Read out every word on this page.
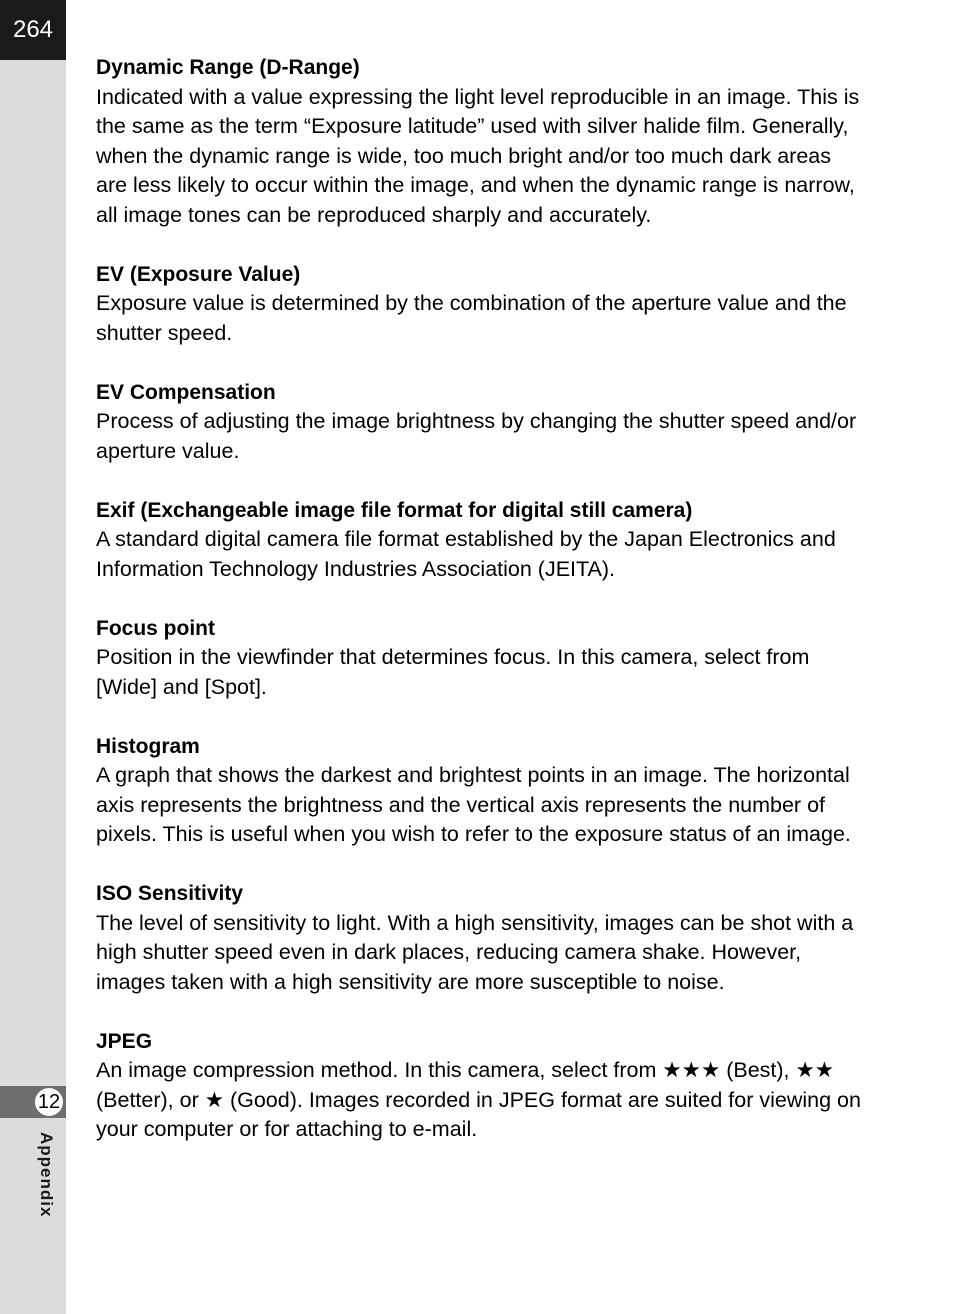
264
12
Appendix
Dynamic Range (D-Range)
Indicated with a value expressing the light level reproducible in an image. This is the same as the term “Exposure latitude” used with silver halide film. Generally, when the dynamic range is wide, too much bright and/or too much dark areas are less likely to occur within the image, and when the dynamic range is narrow, all image tones can be reproduced sharply and accurately.
EV (Exposure Value)
Exposure value is determined by the combination of the aperture value and the shutter speed.
EV Compensation
Process of adjusting the image brightness by changing the shutter speed and/or aperture value.
Exif (Exchangeable image file format for digital still camera)
A standard digital camera file format established by the Japan Electronics and Information Technology Industries Association (JEITA).
Focus point
Position in the viewfinder that determines focus. In this camera, select from [Wide] and [Spot].
Histogram
A graph that shows the darkest and brightest points in an image. The horizontal axis represents the brightness and the vertical axis represents the number of pixels. This is useful when you wish to refer to the exposure status of an image.
ISO Sensitivity
The level of sensitivity to light. With a high sensitivity, images can be shot with a high shutter speed even in dark places, reducing camera shake. However, images taken with a high sensitivity are more susceptible to noise.
JPEG
An image compression method. In this camera, select from ★★★ (Best), ★★ (Better), or ★ (Good). Images recorded in JPEG format are suited for viewing on your computer or for attaching to e-mail.
